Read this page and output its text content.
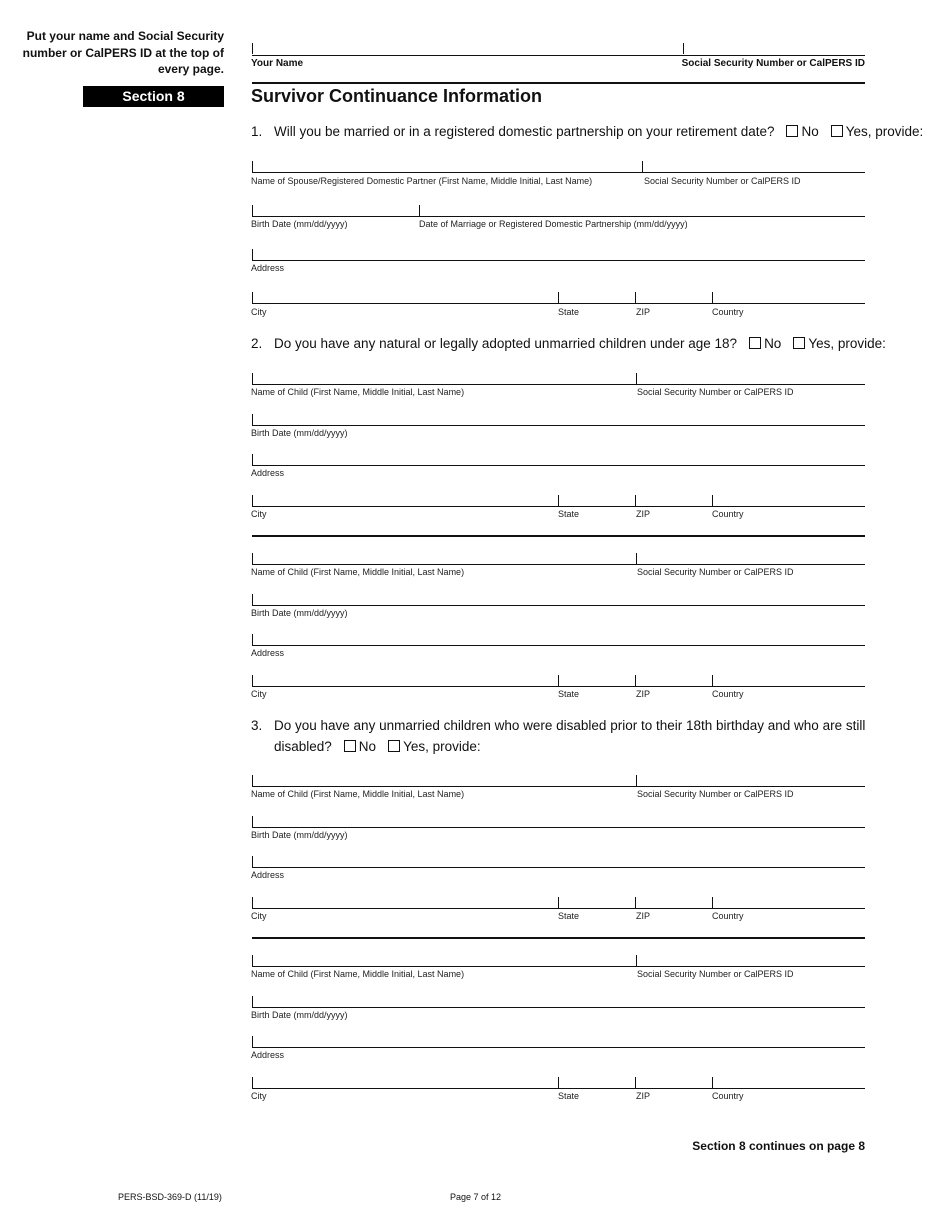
Put your name and Social Security number or CalPERS ID at the top of every page.	Your Name	Social Security Number or CalPERS ID
Section 8	Survivor Continuance Information
1. Will you be married or in a registered domestic partnership on your retirement date? No Yes, provide:
Name of Spouse/Registered Domestic Partner (First Name, Middle Initial, Last Name)	Social Security Number or CalPERS ID
Birth Date (mm/dd/yyyy)	Date of Marriage or Registered Domestic Partnership (mm/dd/yyyy)
Address
City	State	ZIP	Country
2. Do you have any natural or legally adopted unmarried children under age 18? No Yes, provide:
Name of Child (First Name, Middle Initial, Last Name)	Social Security Number or CalPERS ID
Birth Date (mm/dd/yyyy)
Address
City	State	ZIP	Country
Name of Child (First Name, Middle Initial, Last Name)	Social Security Number or CalPERS ID
Birth Date (mm/dd/yyyy)
Address
City	State	ZIP	Country
Name of Child (First Name, Middle Initial, Last Name)	Social Security Number or CalPERS ID
Birth Date (mm/dd/yyyy)
Address
City	State	ZIP	Country
Name of Child (First Name, Middle Initial, Last Name)	Social Security Number or CalPERS ID
Birth Date (mm/dd/yyyy)
Address
City	State	ZIP	Country
3. Do you have any unmarried children who were disabled prior to their 18th birthday and who are still
disabled? No Yes, provide:
Section 8 continues on page 8
PERS-BSD-369-D (11/19)	Page 7 of 12
